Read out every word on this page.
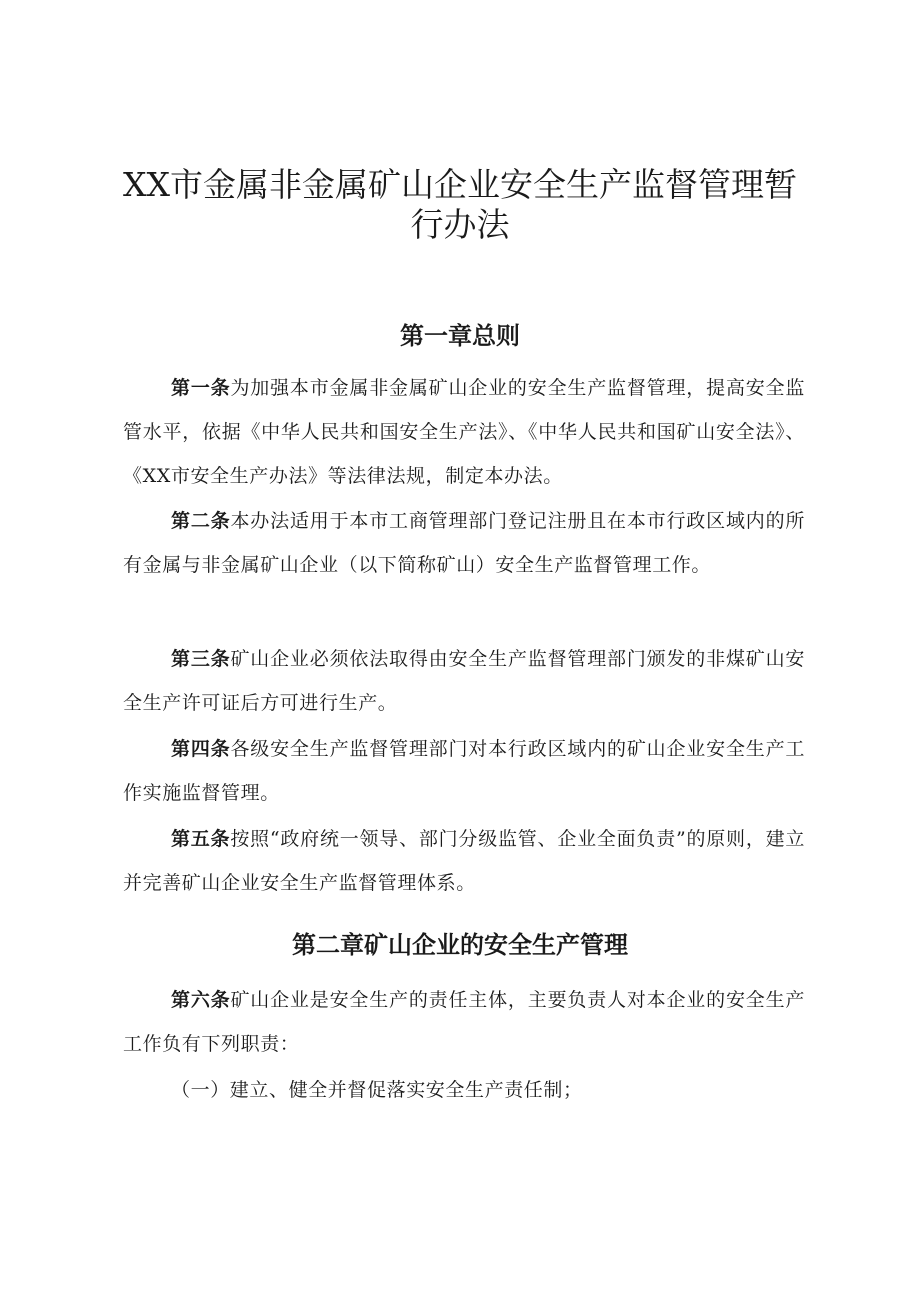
XX市金属非金属矿山企业安全生产监督管理暂
行办法
第一章总则

第一条为加强本市金属非金属矿山企业的安全生产监督管理，提高安全监管水平，依据《中华人民共和国安全生产法》、《中华人民共和国矿山安全法》、《XX市安全生产办法》等法律法规，制定本办法。

第二条本办法适用于本市工商管理部门登记注册且在本市行政区域内的所有金属与非金属矿山企业（以下简称矿山）安全生产监督管理工作。

第三条矿山企业必须依法取得由安全生产监督管理部门颁发的非煤矿山安全生产许可证后方可进行生产。

第四条各级安全生产监督管理部门对本行政区域内的矿山企业安全生产工作实施监督管理。

第五条按照“政府统一领导、部门分级监管、企业全面负责”的原则，建立并完善矿山企业安全生产监督管理体系。

第二章矿山企业的安全生产管理

第六条矿山企业是安全生产的责任主体，主要负责人对本企业的安全生产工作负有下列职责：

（一）建立、健全并督促落实安全生产责任制；
